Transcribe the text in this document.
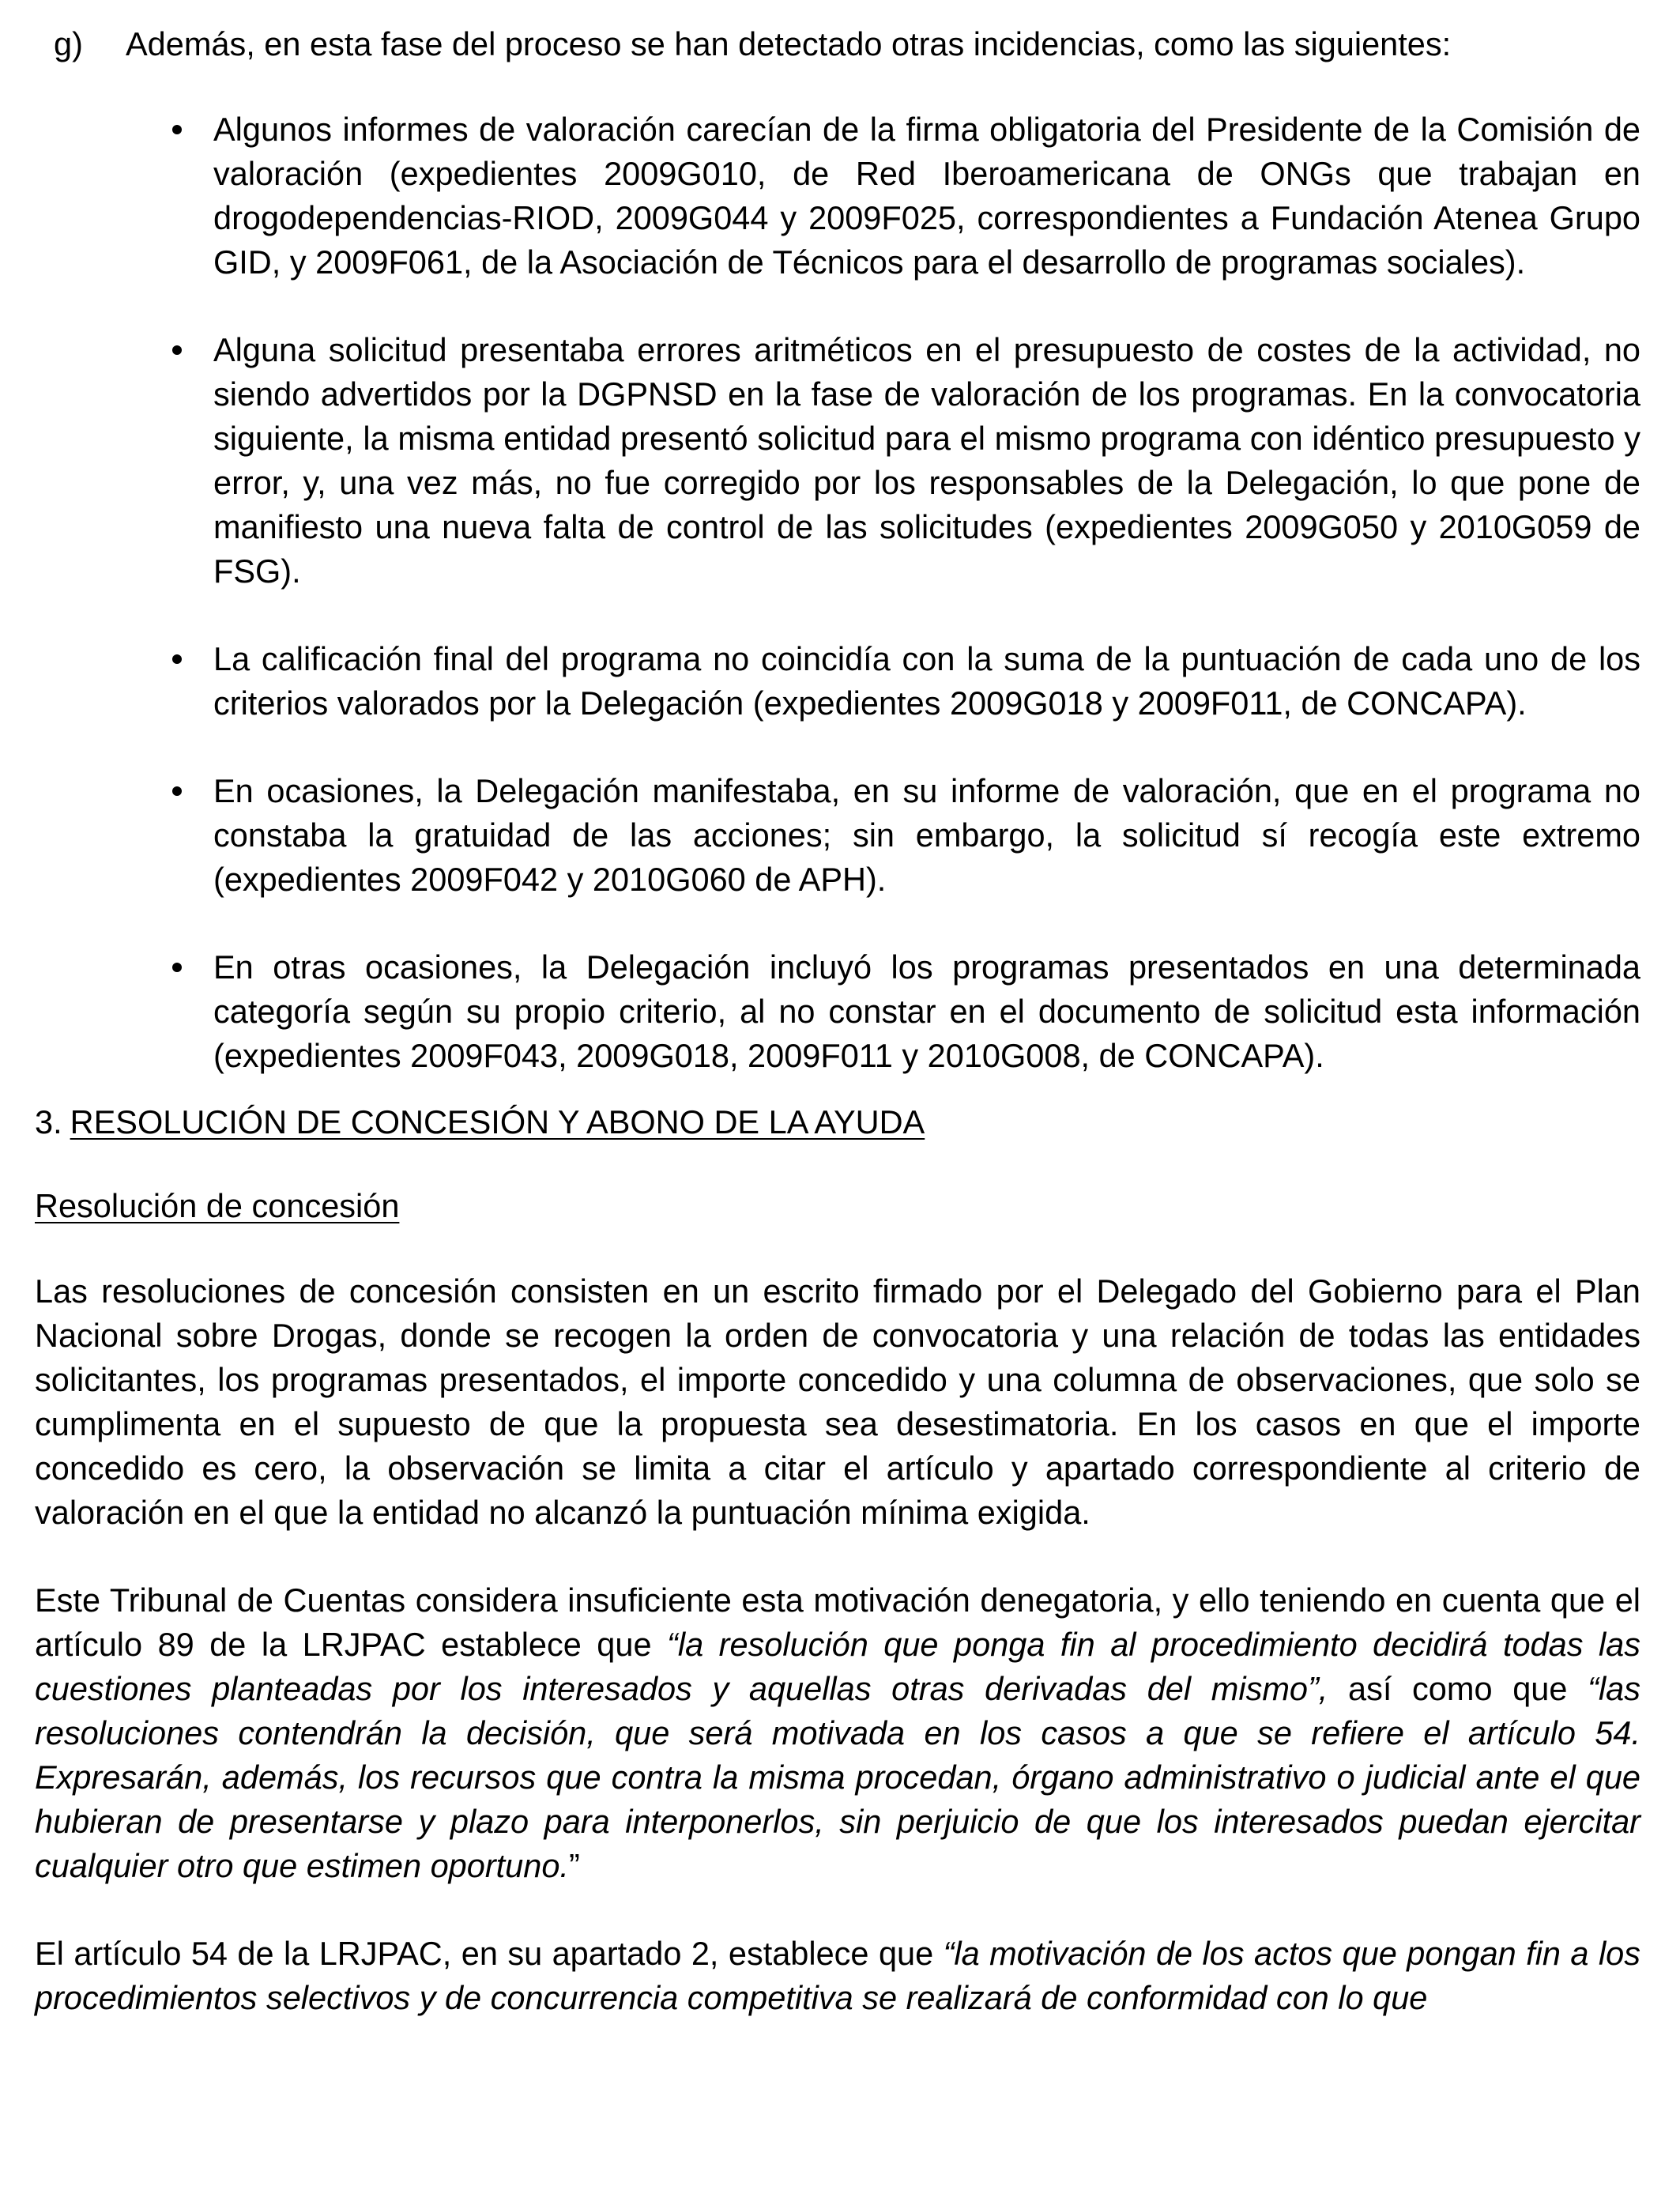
g)	Además, en esta fase del proceso se han detectado otras incidencias, como las siguientes:
Algunos informes de valoración carecían de la firma obligatoria del Presidente de la Comisión de valoración (expedientes 2009G010, de Red Iberoamericana de ONGs que trabajan en drogodependencias-RIOD, 2009G044 y 2009F025, correspondientes a Fundación Atenea Grupo GID, y 2009F061, de la Asociación de Técnicos para el desarrollo de programas sociales).
Alguna solicitud presentaba errores aritméticos en el presupuesto de costes de la actividad, no siendo advertidos por la DGPNSD en la fase de valoración de los programas. En la convocatoria siguiente, la misma entidad presentó solicitud para el mismo programa con idéntico presupuesto y error, y, una vez más, no fue corregido por los responsables de la Delegación, lo que pone de manifiesto una nueva falta de control de las solicitudes (expedientes 2009G050 y 2010G059 de FSG).
La calificación final del programa no coincidía con la suma de la puntuación de cada uno de los criterios valorados por la Delegación (expedientes 2009G018 y 2009F011, de CONCAPA).
En ocasiones, la Delegación manifestaba, en su informe de valoración, que en el programa no constaba la gratuidad de las acciones; sin embargo, la solicitud sí recogía este extremo (expedientes 2009F042 y 2010G060 de APH).
En otras ocasiones, la Delegación incluyó los programas presentados en una determinada categoría según su propio criterio, al no constar en el documento de solicitud esta información (expedientes 2009F043, 2009G018, 2009F011 y 2010G008, de CONCAPA).

3. RESOLUCIÓN DE CONCESIÓN Y ABONO DE LA AYUDA

Resolución de concesión

Las resoluciones de concesión consisten en un escrito firmado por el Delegado del Gobierno para el Plan Nacional sobre Drogas, donde se recogen la orden de convocatoria y una relación de todas las entidades solicitantes, los programas presentados, el importe concedido y una columna de observaciones, que solo se cumplimenta en el supuesto de que la propuesta sea desestimatoria. En los casos en que el importe concedido es cero, la observación se limita a citar el artículo y apartado correspondiente al criterio de valoración en el que la entidad no alcanzó la puntuación mínima exigida.

Este Tribunal de Cuentas considera insuficiente esta motivación denegatoria, y ello teniendo en cuenta que el artículo 89 de la LRJPAC establece que “la resolución que ponga fin al procedimiento decidirá todas las cuestiones planteadas por los interesados y aquellas otras derivadas del mismo”, así como que “las resoluciones contendrán la decisión, que será motivada en los casos a que se refiere el artículo 54. Expresarán, además, los recursos que contra la misma procedan, órgano administrativo o judicial ante el que hubieran de presentarse y plazo para interponerlos, sin perjuicio de que los interesados puedan ejercitar cualquier otro que estimen oportuno.”

El artículo 54 de la LRJPAC, en su apartado 2, establece que “la motivación de los actos que pongan fin a los procedimientos selectivos y de concurrencia competitiva se realizará de conformidad con lo que
